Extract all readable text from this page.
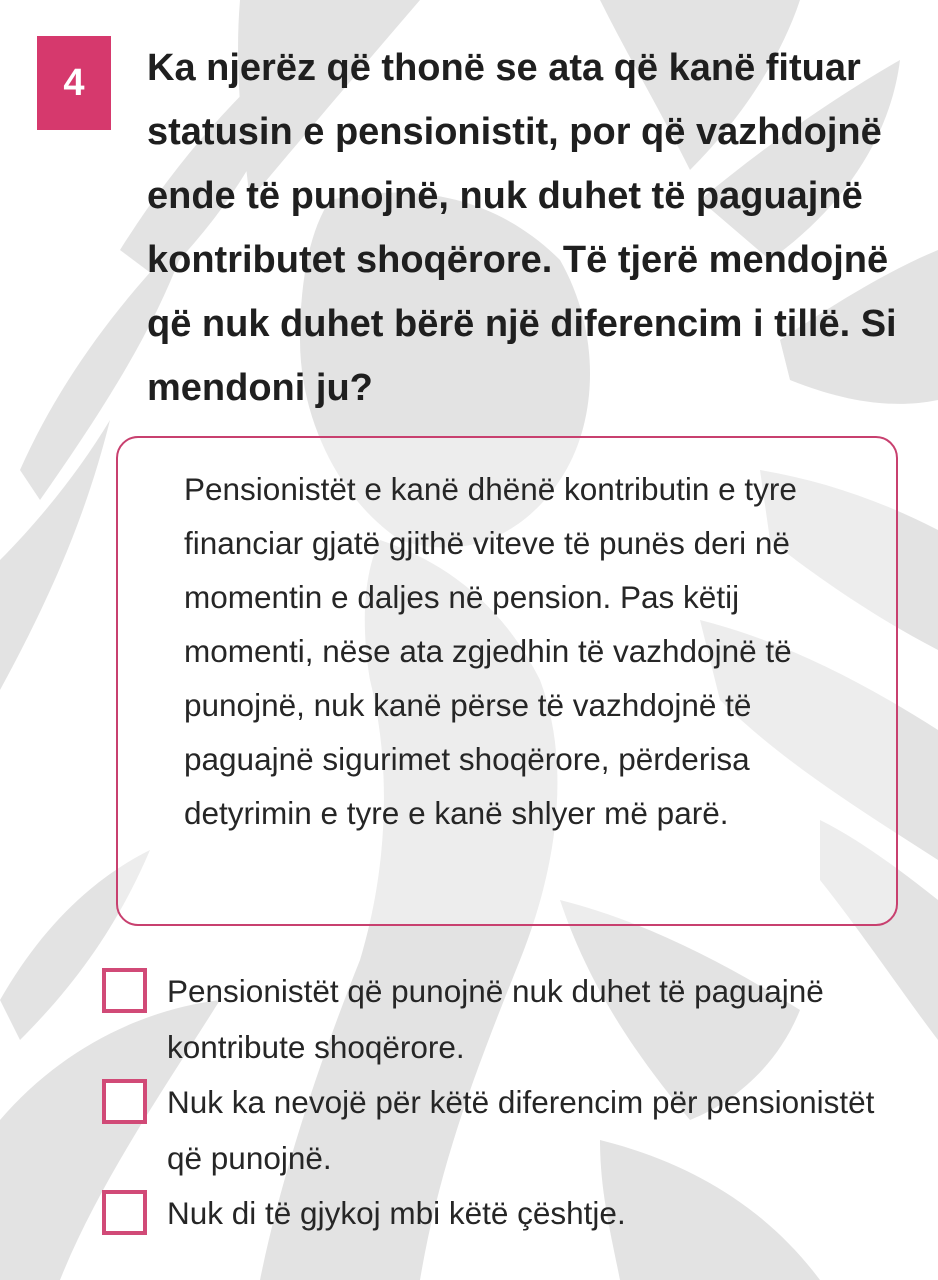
4 Ka njerëz që thonë se ata që kanë fituar statusin e pensionistit, por që vazhdojnë ende të punojnë, nuk duhet të paguajnë kontributet shoqërore. Të tjerë mendojnë që nuk duhet bërë një diferencim i tillë. Si mendoni ju?

Pensionistët e kanë dhënë kontributin e tyre financiar gjatë gjithë viteve të punës deri në momentin e daljes në pension. Pas këtij momenti, nëse ata zgjedhin të vazhdojnë të punojnë, nuk kanë përse të vazhdojnë të paguajnë sigurimet shoqërore, përderisa detyrimin e tyre e kanë shlyer më parë.

Pensionistët që punojnë nuk duhet të paguajnë kontribute shoqërore.
Nuk ka nevojë për këtë diferencim për pensionistët që punojnë.
Nuk di të gjykoj mbi këtë çështje.
